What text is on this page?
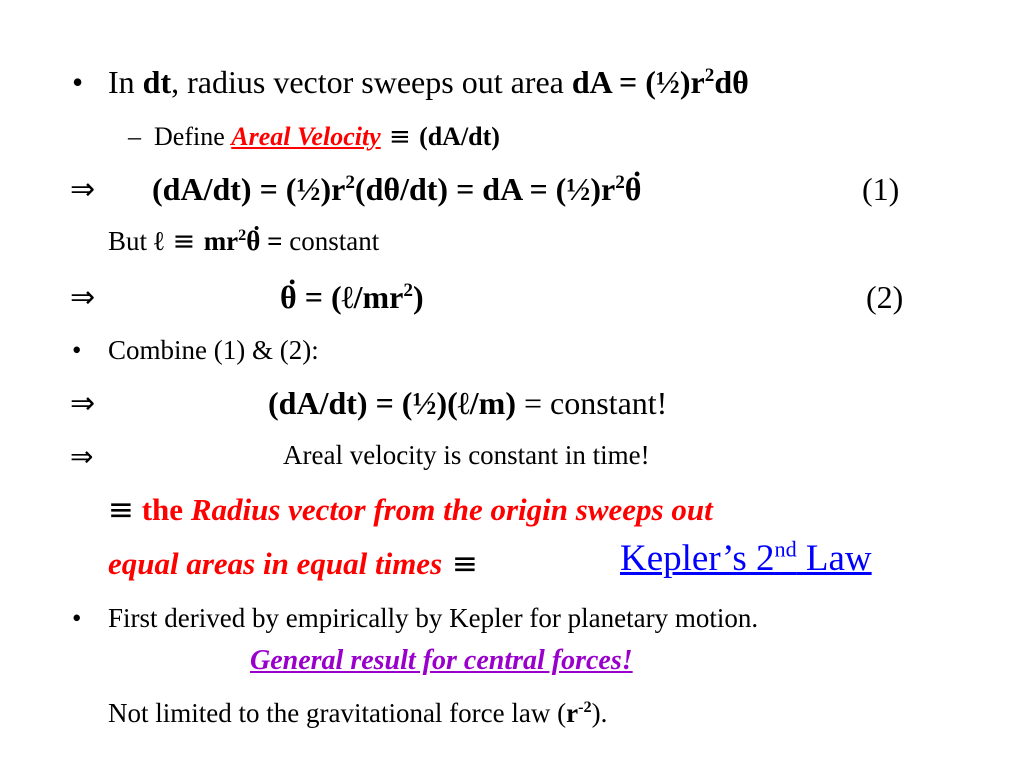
• In dt, radius vector sweeps out area dA = $(\frac{1}{2})r^2d\theta$
– Define Areal Velocity ≡ (dA/dt)
⇒ $(dA/dt) = (\frac{1}{2})r^2(d\theta/dt)$ = dA = $(\frac{1}{2})r^2\theta$ •	(1)
But ℓ ≡ $mr^2\theta$ • = constant
⇒	θ • = $(\ell/mr^2)$	(2)
• Combine (1) & (2):
⇒	(dA/dt) = (½)(ℓ/m) = constant!
⇒	Areal velocity is constant in time!
≡ the Radius vector from the origin sweeps out
equal areas in equal times ≡	Kepler’s 2nd Law
• First derived by empirically by Kepler for planetary motion.
General result for central forces!
Not limited to the gravitational force law $(r^{-2})$.
